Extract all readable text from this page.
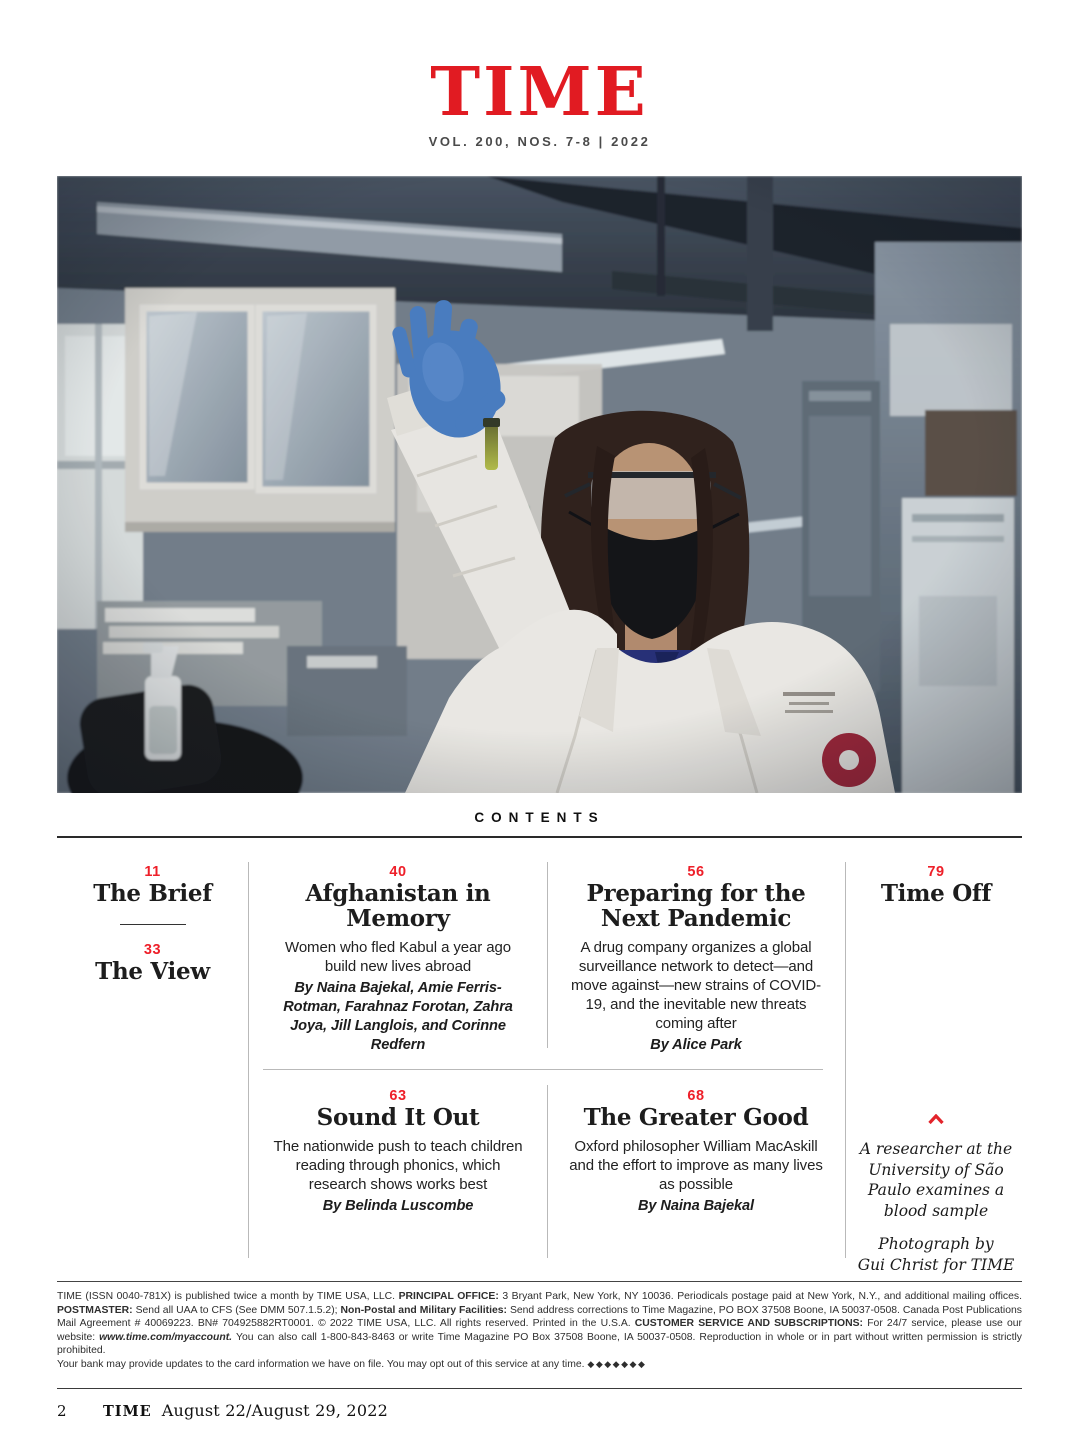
TIME
VOL. 200, NOS. 7-8 | 2022
CONTENTS
11
The Brief
33
The View
40
Afghanistan in
Memory
Women who fled Kabul a year ago build new lives abroad
By Naina Bajekal, Amie Ferris-Rotman, Farahnaz Forotan, Zahra Joya, Jill Langlois, and Corinne Redfern
56
Preparing for the
Next Pandemic
A drug company organizes a global surveillance network to detect—and move against—new strains of COVID-19, and the inevitable new threats coming after
By Alice Park
79
Time Off
63
Sound It Out
The nationwide push to teach children reading through phonics, which research shows works best
By Belinda Luscombe
68
The Greater Good
Oxford philosopher William MacAskill and the effort to improve as many lives as possible
By Naina Bajekal
A researcher at the University of São Paulo examines a blood sample
Photograph by
Gui Christ for TIME
TIME (ISSN 0040-781X) is published twice a month by TIME USA, LLC. PRINCIPAL OFFICE: 3 Bryant Park, New York, NY 10036. Periodicals postage paid at New York, N.Y., and additional mailing offices.
POSTMASTER: Send all UAA to CFS (See DMM 507.1.5.2); Non-Postal and Military Facilities: Send address corrections to Time Magazine, PO BOX 37508 Boone, IA 50037-0508. Canada Post Publications
Mail Agreement # 40069223. BN# 704925882RT0001. © 2022 TIME USA, LLC. All rights reserved. Printed in the U.S.A. CUSTOMER SERVICE AND SUBSCRIPTIONS: For 24/7 service, please use our
website: www.time.com/myaccount. You can also call 1-800-843-8463 or write Time Magazine PO Box 37508 Boone, IA 50037-0508. Reproduction in whole or in part without written permission is strictly prohibited.
Your bank may provide updates to the card information we have on file. You may opt out of this service at any time. ◆◆◆◆◆◆◆
2	TIME August 22/August 29, 2022
